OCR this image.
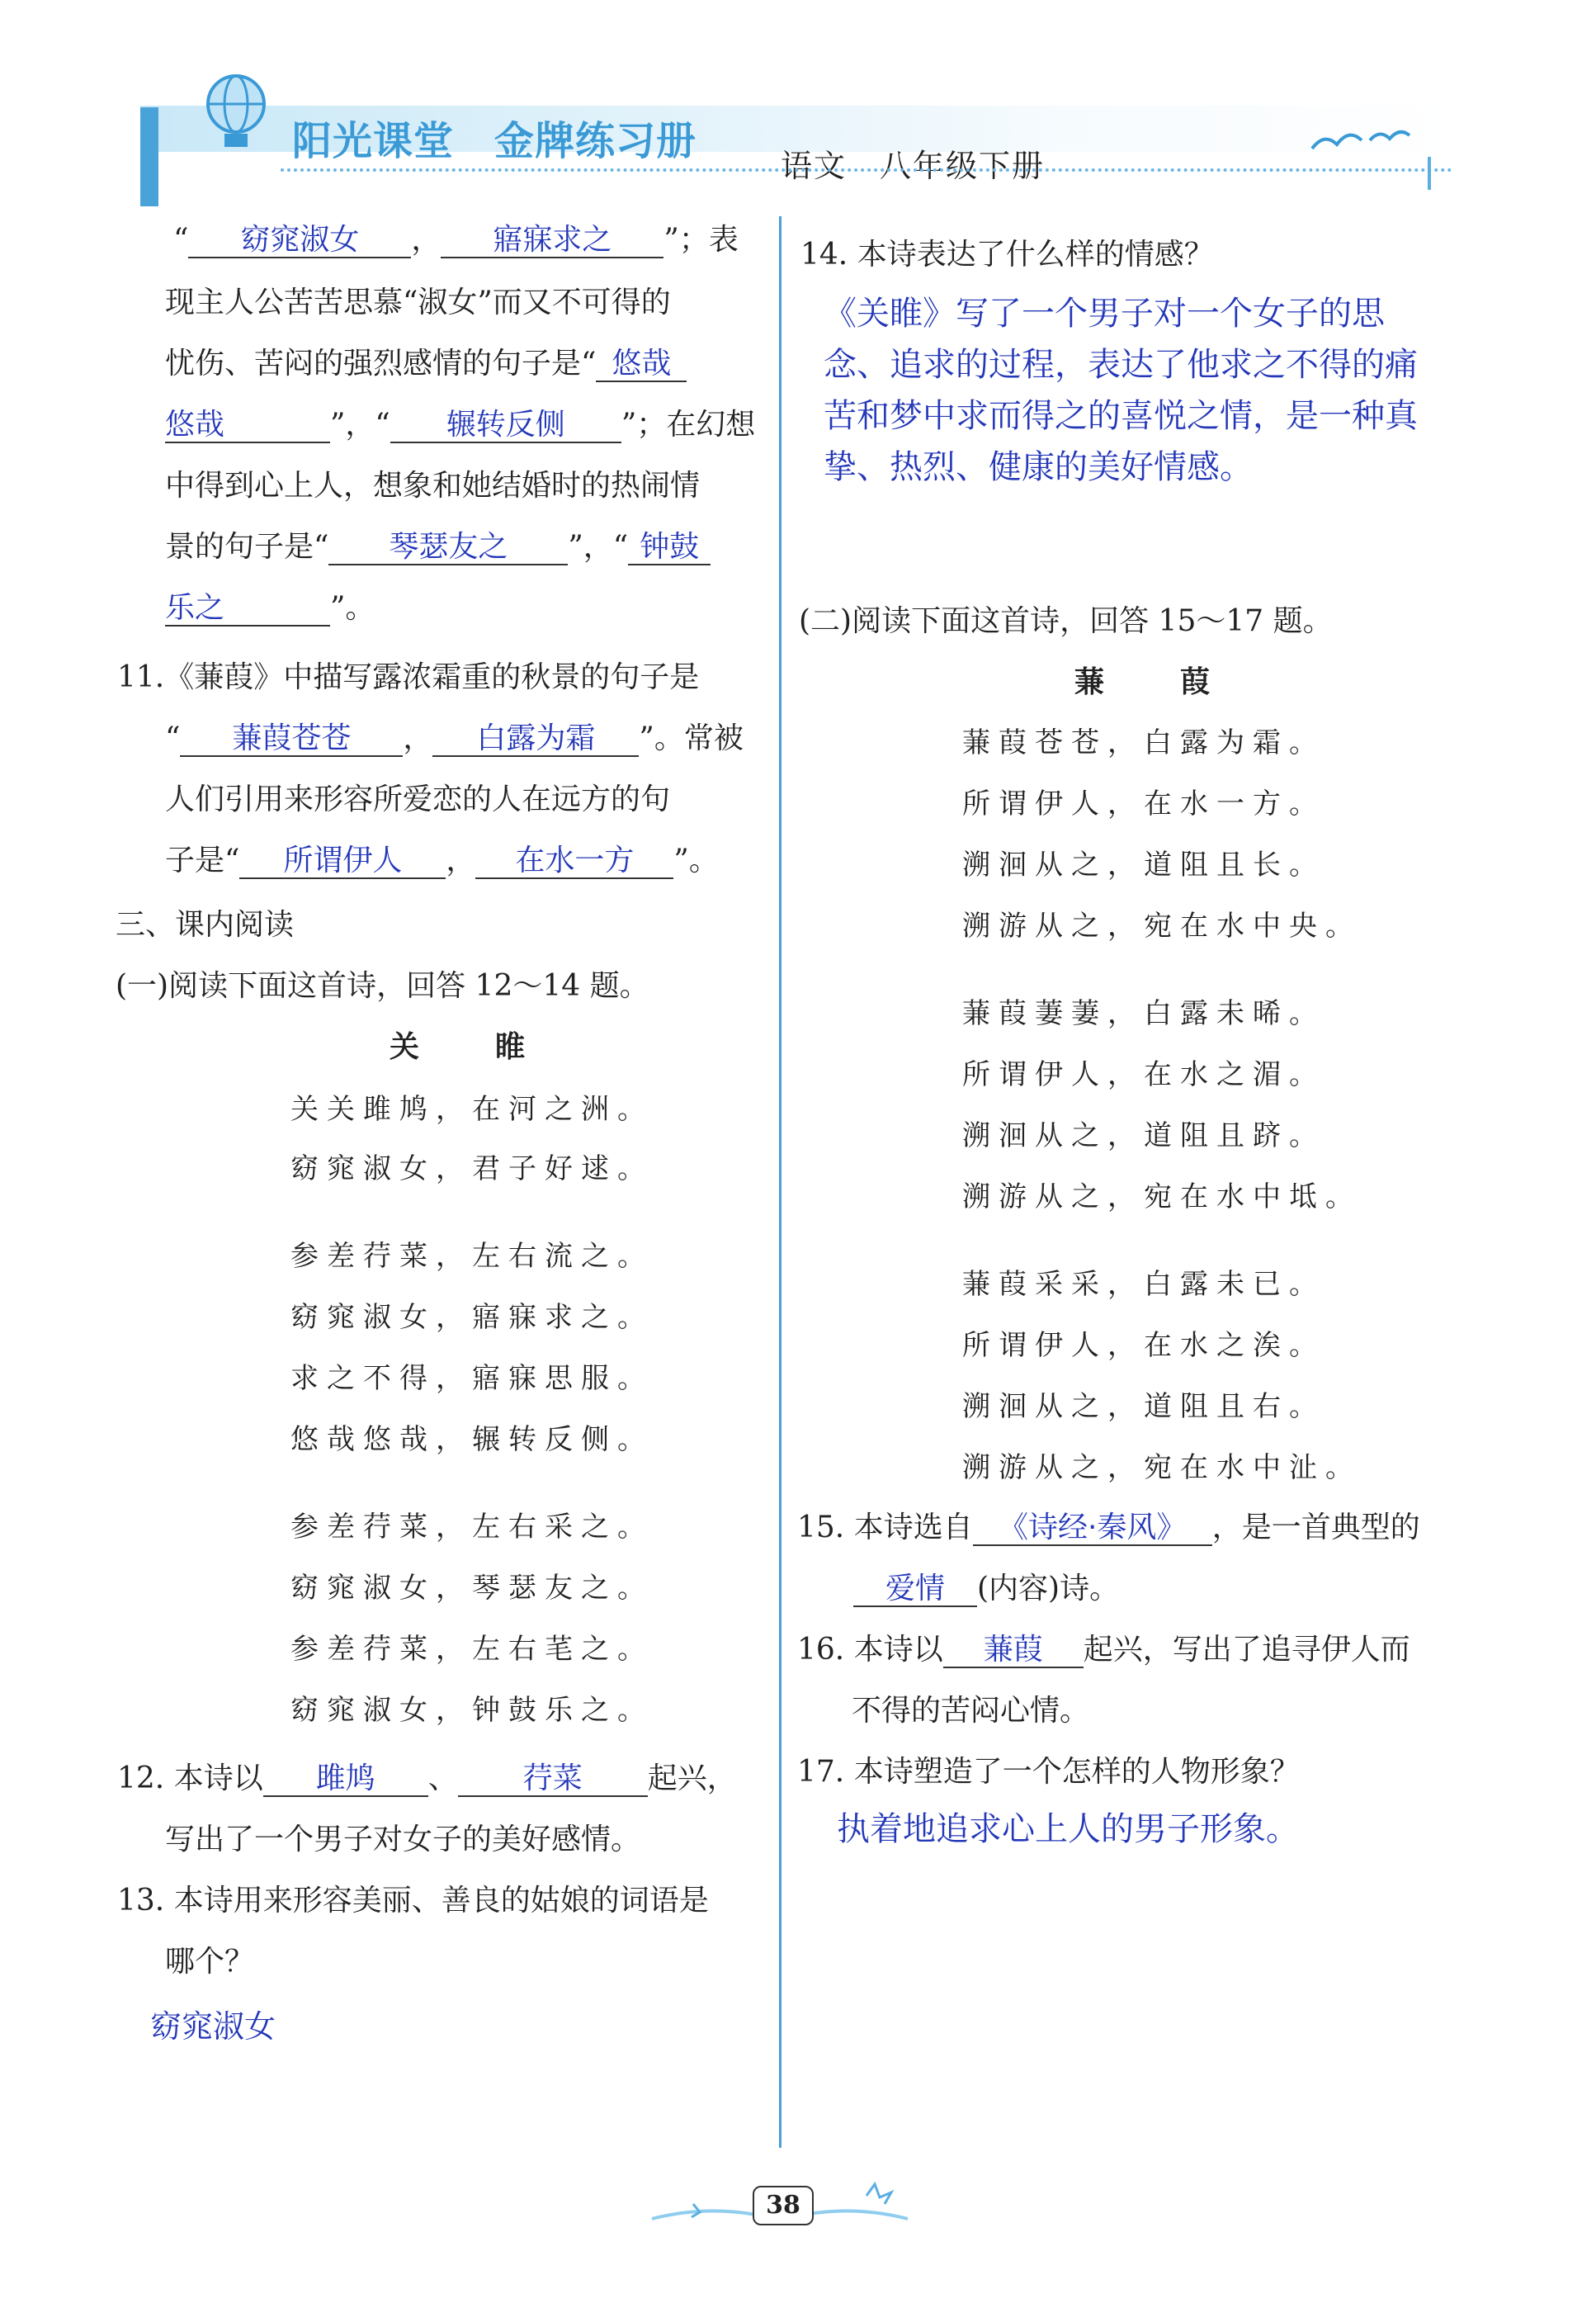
阳光课堂　金牌练习册
语文　八年级下册
“ 窈窕淑女 ， 寤寐求之 ”；表
现主人公苦苦思慕“淑女”而又不可得的
忧伤、苦闷的强烈感情的句子是“ 悠哉
悠哉	”，“ 辗转反侧 ”；在幻想
中得到心上人，想象和她结婚时的热闹情
景的句子是“ 琴瑟友之 ”，“ 钟鼓
乐之	”。
11.《蒹葭》中描写露浓霜重的秋景的句子是
“ 蒹葭苍苍 ， 白露为霜 ”。常被
人们引用来形容所爱恋的人在远方的句
子是“ 所谓伊人 ， 在水一方 ”。
三、课内阅读
(一)阅读下面这首诗，回答 12～14 题。
关　睢
关关雎鸠，在河之洲。
窈窕淑女，君子好逑。
参差荇菜，左右流之。
窈窕淑女，寤寐求之。
求之不得，寤寐思服。
悠哉悠哉，辗转反侧。
参差荇菜，左右采之。
窈窕淑女，琴瑟友之。
参差荇菜，左右芼之。
窈窕淑女，钟鼓乐之。
12. 本诗以 雎鸠 、 荇菜 起兴，
写出了一个男子对女子的美好感情。
13. 本诗用来形容美丽、善良的姑娘的词语是
哪个？
窈窕淑女
14. 本诗表达了什么样的情感？
《关睢》写了一个男子对一个女子的思
念、追求的过程，表达了他求之不得的痛
苦和梦中求而得之的喜悦之情，是一种真
挚、热烈、健康的美好情感。
(二)阅读下面这首诗，回答 15～17 题。
蒹　葭
蒹葭苍苍，白露为霜。
所谓伊人，在水一方。
溯洄从之，道阻且长。
溯游从之，宛在水中央。
蒹葭萋萋，白露未晞。
所谓伊人，在水之湄。
溯洄从之，道阻且跻。
溯游从之，宛在水中坻。
蒹葭采采，白露未已。
所谓伊人，在水之涘。
溯洄从之，道阻且右。
溯游从之，宛在水中沚。
15. 本诗选自 《诗经·秦风》 ，是一首典型的
爱情 (内容)诗。
16. 本诗以 蒹葭 起兴，写出了追寻伊人而
不得的苦闷心情。
17. 本诗塑造了一个怎样的人物形象？
执着地追求心上人的男子形象。
38
